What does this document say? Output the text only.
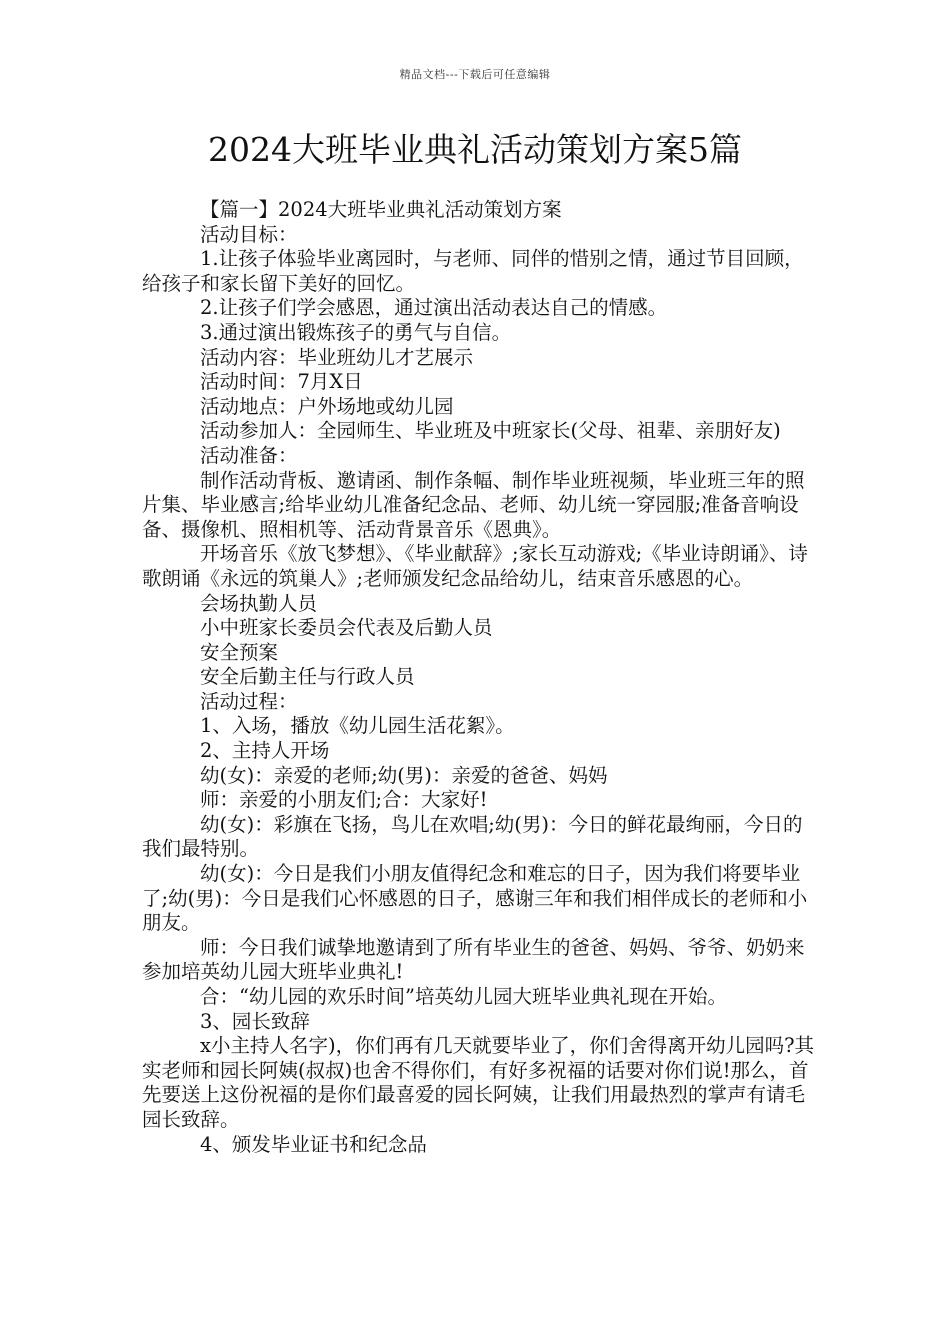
精品文档---下载后可任意编辑
2024大班毕业典礼活动策划方案5篇

【篇一】2024大班毕业典礼活动策划方案

活动目标：

1.让孩子体验毕业离园时，与老师、同伴的惜别之情，通过节目回顾，给孩子和家长留下美好的回忆。

2.让孩子们学会感恩，通过演出活动表达自己的情感。

3.通过演出锻炼孩子的勇气与自信。

活动内容：毕业班幼儿才艺展示

活动时间：7月X日

活动地点：户外场地或幼儿园

活动参加人：全园师生、毕业班及中班家长(父母、祖辈、亲朋好友)

活动准备：

制作活动背板、邀请函、制作条幅、制作毕业班视频，毕业班三年的照片集、毕业感言;给毕业幼儿准备纪念品、老师、幼儿统一穿园服;准备音响设备、摄像机、照相机等、活动背景音乐《恩典》。

开场音乐《放飞梦想》、《毕业献辞》;家长互动游戏;《毕业诗朗诵》、诗歌朗诵《永远的筑巢人》;老师颁发纪念品给幼儿，结束音乐感恩的心。

会场执勤人员

小中班家长委员会代表及后勤人员

安全预案

安全后勤主任与行政人员

活动过程：

1、入场，播放《幼儿园生活花絮》。

2、主持人开场

幼(女)：亲爱的老师;幼(男)：亲爱的爸爸、妈妈

师：亲爱的小朋友们;合：大家好!

幼(女)：彩旗在飞扬，鸟儿在欢唱;幼(男)：今日的鲜花最绚丽，今日的我们最特别。

幼(女)：今日是我们小朋友值得纪念和难忘的日子，因为我们将要毕业了;幼(男)：今日是我们心怀感恩的日子，感谢三年和我们相伴成长的老师和小朋友。

师：今日我们诚挚地邀请到了所有毕业生的爸爸、妈妈、爷爷、奶奶来参加培英幼儿园大班毕业典礼!

合：“幼儿园的欢乐时间”培英幼儿园大班毕业典礼现在开始。

3、园长致辞

x小主持人名字)，你们再有几天就要毕业了，你们舍得离开幼儿园吗?其实老师和园长阿姨(叔叔)也舍不得你们，有好多祝福的话要对你们说!那么，首先要送上这份祝福的是你们最喜爱的园长阿姨，让我们用最热烈的掌声有请毛园长致辞。

4、颁发毕业证书和纪念品
